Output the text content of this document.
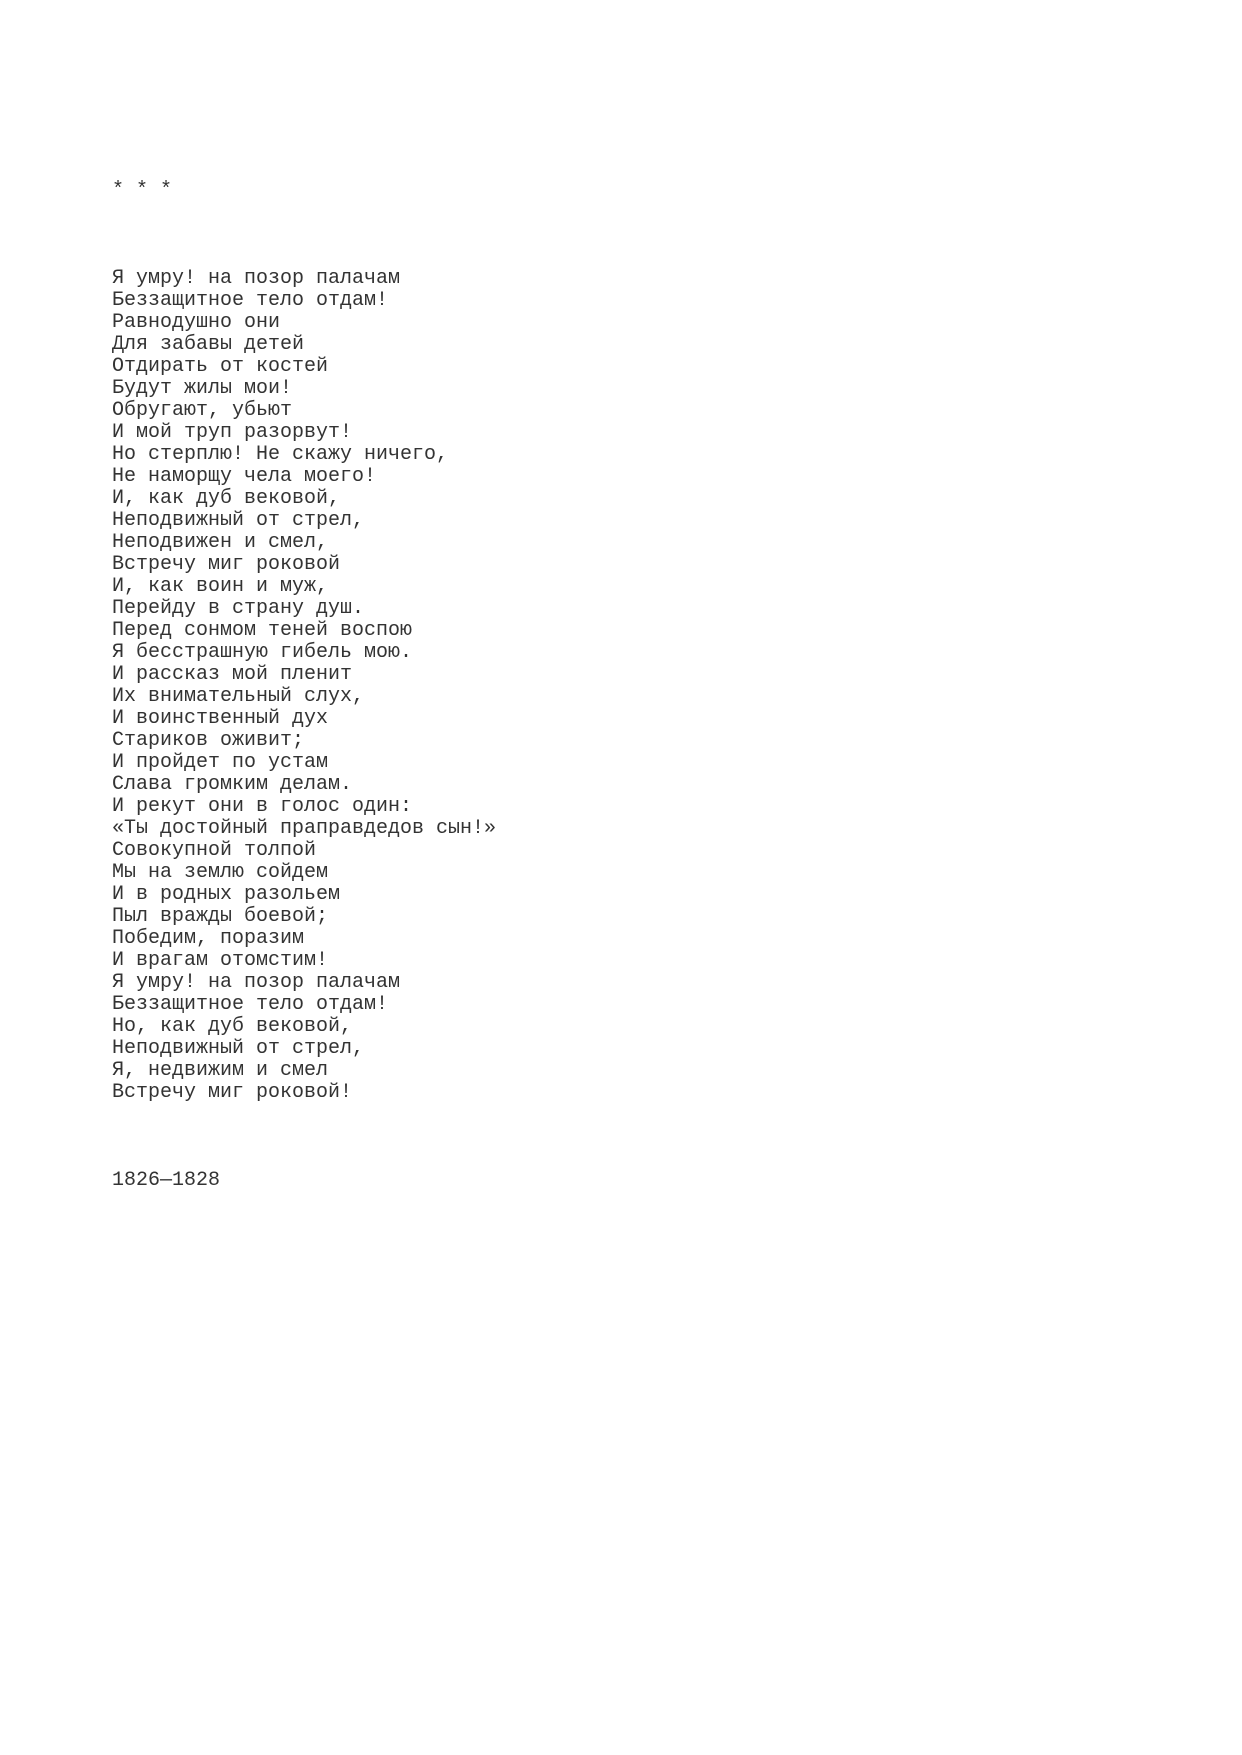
* * *

Я умру! на позор палачам
Беззащитное тело отдам!
Равнодушно они
Для забавы детей
Отдирать от костей
Будут жилы мои!
Обругают, убьют
И мой труп разорвут!
Но стерплю! Не скажу ничего,
Не наморщу чела моего!
И, как дуб вековой,
Неподвижный от стрел,
Неподвижен и смел,
Встречу миг роковой
И, как воин и муж,
Перейду в страну душ.
Перед сонмом теней воспою
Я бесстрашную гибель мою.
И рассказ мой пленит
Их внимательный слух,
И воинственный дух
Стариков оживит;
И пройдет по устам
Слава громким делам.
И рекут они в голос один:
«Ты достойный праправдедов сын!»
Совокупной толпой
Мы на землю сойдем
И в родных разольем
Пыл вражды боевой;
Победим, поразим
И врагам отомстим!
Я умру! на позор палачам
Беззащитное тело отдам!
Но, как дуб вековой,
Неподвижный от стрел,
Я, недвижим и смел
Встречу миг роковой!

1826—1828
